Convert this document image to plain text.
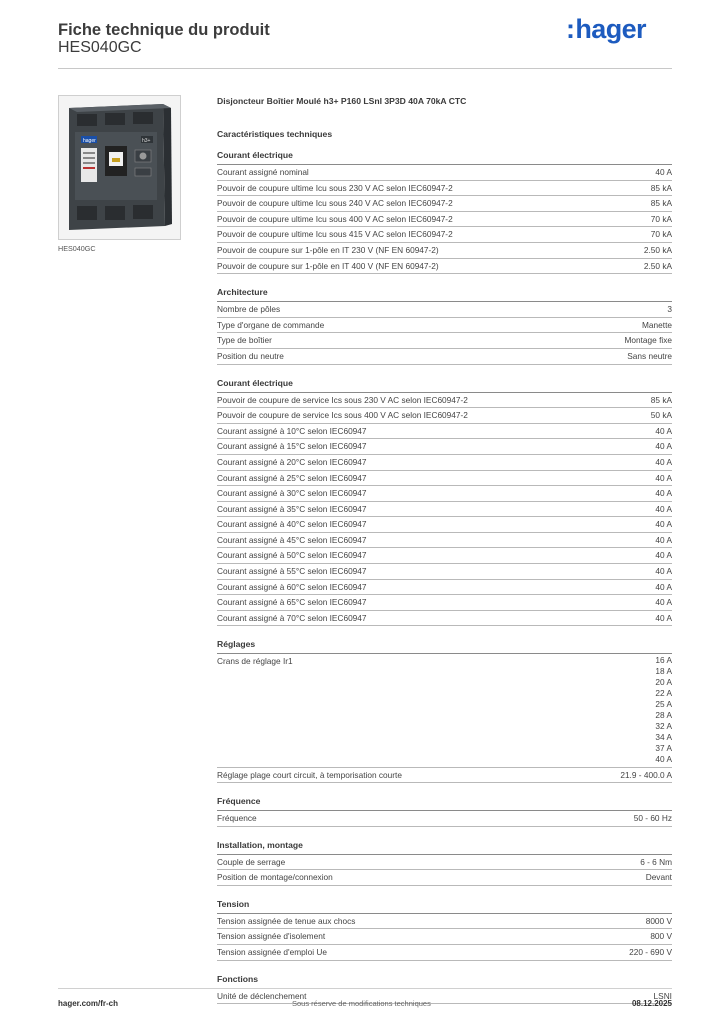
Fiche technique du produit
HES040GC
:hager
hager	h3+
HES040GC
Disjoncteur Boîtier Moulé h3+ P160 LSnI 3P3D 40A 70kA CTC
Caractéristiques techniques
Courant électrique
Courant assigné nominal	40 A
Pouvoir de coupure ultime Icu sous 230 V AC selon IEC60947-2	85 kA
Pouvoir de coupure ultime Icu sous 240 V AC selon IEC60947-2	85 kA
Pouvoir de coupure ultime Icu sous 400 V AC selon IEC60947-2	70 kA
Pouvoir de coupure ultime Icu sous 415 V AC selon IEC60947-2	70 kA
Pouvoir de coupure sur 1-pôle en IT 230 V (NF EN 60947-2)	2.50 kA
Pouvoir de coupure sur 1-pôle en IT 400 V (NF EN 60947-2)	2.50 kA
Architecture
Nombre de pôles	3
Type d'organe de commande	Manette
Type de boîtier	Montage fixe
Position du neutre	Sans neutre
Courant électrique
Pouvoir de coupure de service Ics sous 230 V AC selon IEC60947-2	85 kA
Pouvoir de coupure de service Ics sous 400 V AC selon IEC60947-2	50 kA
Courant assigné à 10°C selon IEC60947	40 A
Courant assigné à 15°C selon IEC60947	40 A
Courant assigné à 20°C selon IEC60947	40 A
Courant assigné à 25°C selon IEC60947	40 A
Courant assigné à 30°C selon IEC60947	40 A
Courant assigné à 35°C selon IEC60947	40 A
Courant assigné à 40°C selon IEC60947	40 A
Courant assigné à 45°C selon IEC60947	40 A
Courant assigné à 50°C selon IEC60947	40 A
Courant assigné à 55°C selon IEC60947	40 A
Courant assigné à 60°C selon IEC60947	40 A
Courant assigné à 65°C selon IEC60947	40 A
Courant assigné à 70°C selon IEC60947	40 A
Réglages
Crans de réglage Ir1	16 A
18 A
20 A
22 A
25 A
28 A
32 A
34 A
37 A
40 A
Réglage plage court circuit, à temporisation courte	21.9 - 400.0 A
Fréquence
Fréquence	50 - 60 Hz
Installation, montage
Couple de serrage	6 - 6 Nm
Position de montage/connexion	Devant
Tension
Tension assignée de tenue aux chocs	8000 V
Tension assignée d'isolement	800 V
Tension assignée d'emploi Ue	220 - 690 V
Fonctions
Unité de déclenchement	LSNI
hager.com/fr-ch	Sous réserve de modifications techniques	08.12.2025
